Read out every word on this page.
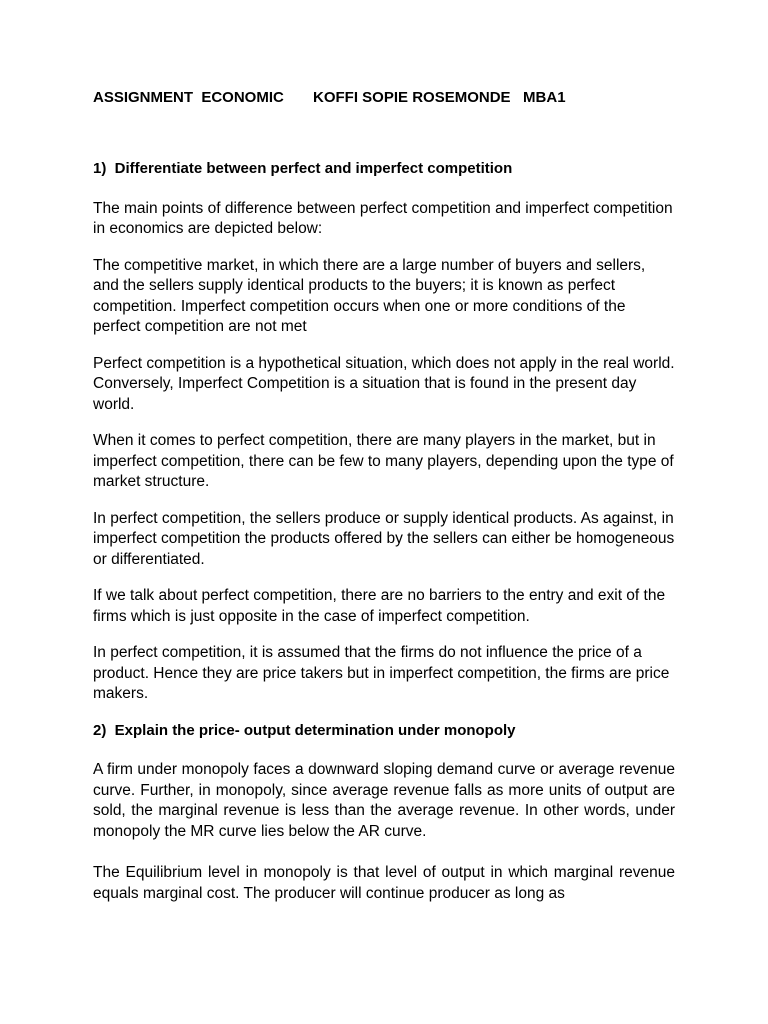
ASSIGNMENT  ECONOMIC       KOFFI SOPIE ROSEMONDE   MBA1

1)  Differentiate between perfect and imperfect competition

The main points of difference between perfect competition and imperfect competition in economics are depicted below:

The competitive market, in which there are a large number of buyers and sellers, and the sellers supply identical products to the buyers; it is known as perfect competition. Imperfect competition occurs when one or more conditions of the perfect competition are not met

Perfect competition is a hypothetical situation, which does not apply in the real world. Conversely, Imperfect Competition is a situation that is found in the present day world.

When it comes to perfect competition, there are many players in the market, but in imperfect competition, there can be few to many players, depending upon the type of market structure.

In perfect competition, the sellers produce or supply identical products. As against, in imperfect competition the products offered by the sellers can either be homogeneous or differentiated.

If we talk about perfect competition, there are no barriers to the entry and exit of the firms which is just opposite in the case of imperfect competition.

In perfect competition, it is assumed that the firms do not influence the price of a product. Hence they are price takers but in imperfect competition, the firms are price makers.

2)  Explain the price- output determination under monopoly

A firm under monopoly faces a downward sloping demand curve or average revenue curve. Further, in monopoly, since average revenue falls as more units of output are sold, the marginal revenue is less than the average revenue. In other words, under monopoly the MR curve lies below the AR curve.

The Equilibrium level in monopoly is that level of output in which marginal revenue equals marginal cost. The producer will continue producer as long as
